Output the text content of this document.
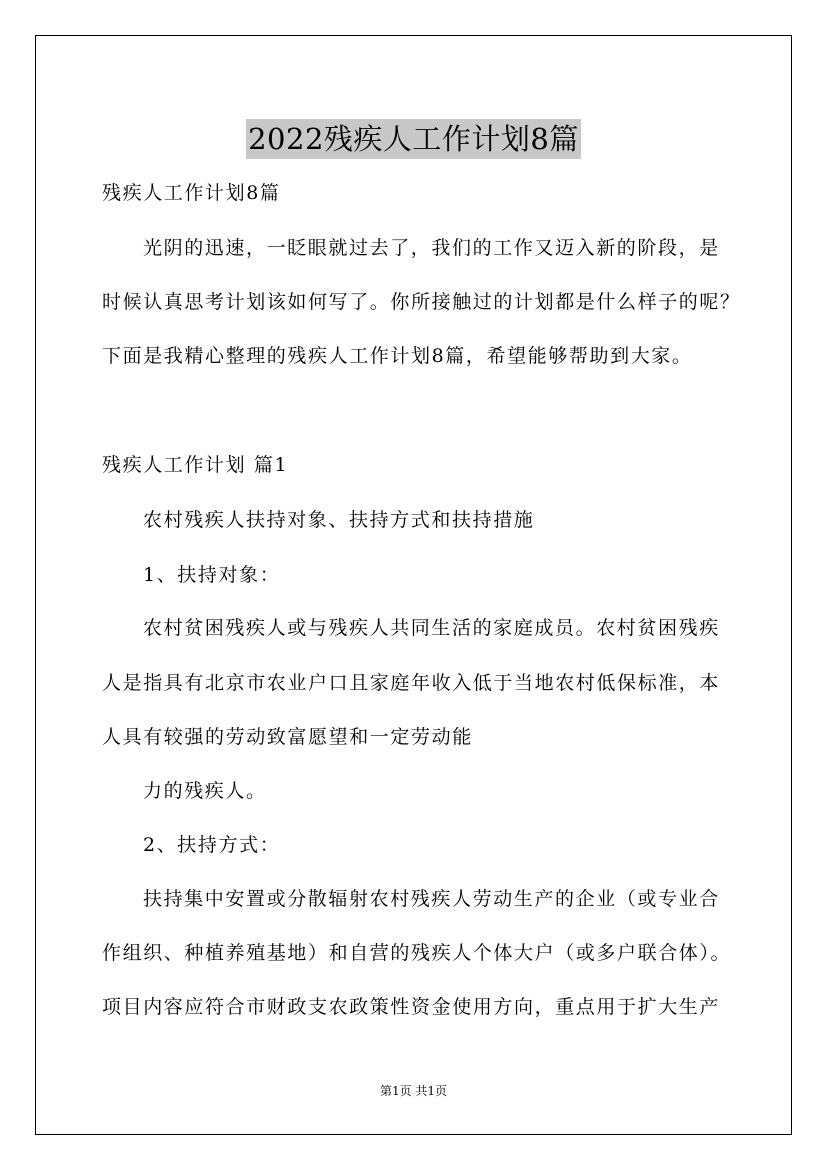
2022残疾人工作计划8篇
残疾人工作计划8篇
光阴的迅速，一眨眼就过去了，我们的工作又迈入新的阶段，是
时候认真思考计划该如何写了。你所接触过的计划都是什么样子的呢？
下面是我精心整理的残疾人工作计划8篇，希望能够帮助到大家。
残疾人工作计划 篇1
农村残疾人扶持对象、扶持方式和扶持措施
1、扶持对象：
农村贫困残疾人或与残疾人共同生活的家庭成员。农村贫困残疾
人是指具有北京市农业户口且家庭年收入低于当地农村低保标准，本
人具有较强的劳动致富愿望和一定劳动能
力的残疾人。
2、扶持方式：
扶持集中安置或分散辐射农村残疾人劳动生产的企业（或专业合
作组织、种植养殖基地）和自营的残疾人个体大户（或多户联合体）。
项目内容应符合市财政支农政策性资金使用方向，重点用于扩大生产
第1页 共1页
